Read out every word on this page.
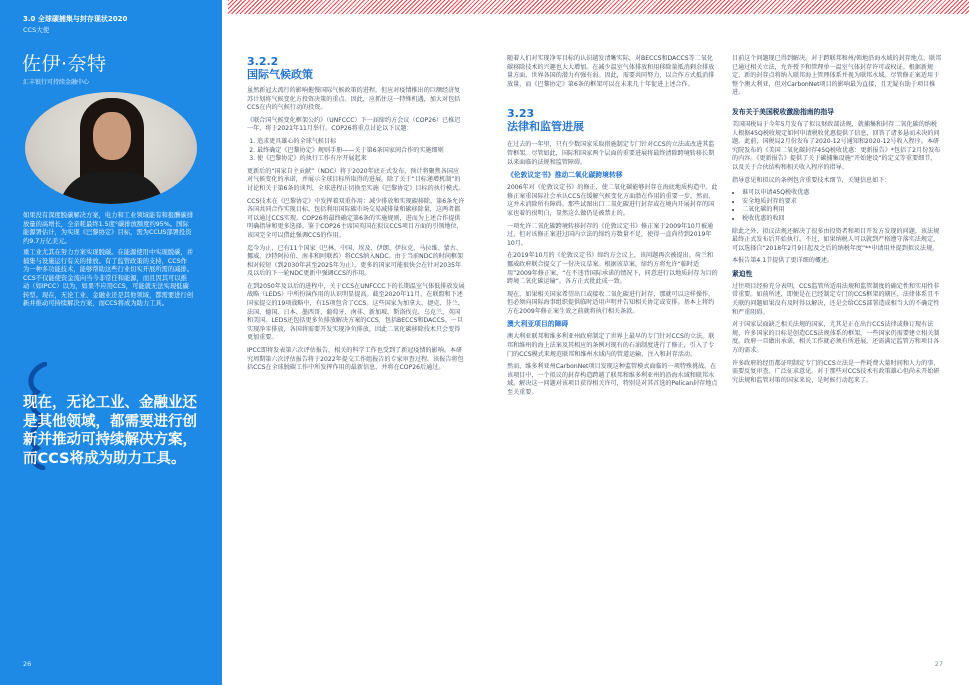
3.0 全球碳捕集与封存现状2020
CCS大使
佐伊·奈特
汇丰银行可持续金融中心

如果没有深度脱碳解决方案，电力和工业领域能有和报酬碳排放量的高增长，全亲耗最终1.5度°碳排放额度约95%。国际能源署估计，为实现《巴黎协定》目标，需为CCUS部署投资约9.7万亿美元。

重工业尤其在努力方案实现脱碳。在能源使用中实现脱碳，并捕集与设施运行有关的排放。有了监管政策的支持，CCS作为一种多功能技术，能够帮助这些行业切实开展所需的减排。CCS不仅能使资金流向当今非常任和能源，而且因其可以推动（如IPCC）以为，如果不应用CCS，可能就无法实现低碳转型。现在，无论工业、金融业还是其他领域，都需要进行创新并推动可持续解决方案，而CCS将成为助力工具。

现在，无论工业、金融业还是其他领域，都需要进行创新并推动可持续解决方案，而CCS将成为助力工具。
26
3.2.2
国际气候政策

虽然新冠大流行的影响拖慢国际气候政策的进程，但应对疫情推出的巨额经济复苏计划将气候变化方投资决策的重点。因此，应抓住这一特殊机遇，加大对包括CCS在内的气候行动的投资。

《联合国气候变化框架公约》（UNFCCC）下一届缔约方会议（COP26）已推迟一年，将于2021年11月举行。COP26将重点讨论以下议题：

1. 追求更具雄心的全球气候目标
2. 最终确定《巴黎协定》规则手册——关于第6条国家间合作的实施细则
3. 使《巴黎协定》的执行工作有序开展起来

更新后的“国家自主贡献”（NDC）将于2020年底正式发布，预计将聚焦各国应对气候变化的承诺，并展示全球目标所取得的进展。除了关于“目标递增机制”的讨论和关于第6条的谈判，全球进程正切换至实施《巴黎协定》目标的执行模式。

CCS技术在《巴黎协定》中发挥着双重作用：减少排放和实现碳移除。第6条允许各国共同合作实现目标，包括利用国际碳市场交易减排量和碳移除量，这两者都可以通过CCS实现。COP26将最终确定第6条的实施规则，进而为上述合作提供明确指导和更多选择。鉴于COP26主席国英国在拟议CCS项目方面的引领地位，该国完全可以借此强调CCS的作用。

迄今为止，已有11个国家（巴林、中国、埃及、伊朗、伊拉克、马拉维、蒙古、挪威、沙特阿拉伯、南非和阿联酋）将CCS纳入NDC。由于当前NDC的时间框架相对较短（到2030年甚至2025年为止），更多的国家可能很快会在针对2035年及以后的下一轮NDC更新中强调CCS的作用。

在到2050年及以后的进程中，关于CCS在UNFCCC下的长期温室气体低排放发展战略（LEDS）中所扮演作用的认识明显提高。截至2020年11月，在联盟和下述国家提交的19项战略中，有15项包含了CCS。这些国家为加拿大、捷克、芬兰、法国、德国、日本、墨西哥、葡萄牙、南非、新加坡、斯洛伐克、乌克兰、英国和美国。LEDS还包括更多负排放解决方案的CCS，包括BECCS和DACCS。一旦实现净零排放，各国将需要开发实现净负排放，因此二氧化碳移除技术只会变得更加重要。

IPCC即将发表第六次评估报告，相关的科学工作也受到了新冠疫情的影响。本研究周期第六次评估报告将于2022年提交工作组报告的专家审查过程。该报告将包括CCS在全球脱碳工作中所发挥作用的最新信息，并将在COP26后通过。

随着人们对实现净零目标的认识越发清晰实际，对BECCS和DACCS等二氧化碳移除技术的兴趣也大大增加。在减少温室气体排放和用移除量抵消剩余排放量方面，世界各国的潜力有强有弱。因此，需要共同努力，以合作方式抵消排放量，而《巴黎协定》第6条的框架可以在未来几十年促进上述合作。

3.23
法律和监管进展

在过去的一年里，只有少数国家采取措施制定专门针对CCS的立法或改进其监管框架。尽管如此，国际和国家两个层面的重要进展将最终清除跨境转移长期以来面临的法规和监管障碍。

《伦敦议定书》推动二氧化碳跨境转移

2006年对《伦敦议定书》的修正，使二氧化碳能够封存在海底地质构造中。此修正案重国际社会承认CCS在缓解气候变化方面潜在作用的重要一步。然而，这并未消除所有障碍。那些试图出口二氧化碳进行封存或在境内开展封存的国家也着的很明白，显然这么做仍是被禁止的。

一项允许二氧化碳跨境转移封存的《伦敦议定书》修正案于2009年10月被通过，但对该修正案进过国内立法的缔约方数量不足，使得一直尚待到2019年10月。

在2019年10月的《伦敦议定书》缔约方会议上，该问题再次被提出。荷兰和挪威政府联合提交了一份决议草案。根据该草案，缔约方将允许“临时适用”2009年修正案，“在不违背国际承诺的情况下，同意进行以地质封存为目的跨境二氧化碳运输”。各方正式批此成一致。

现在，如果相关国家希望出口或接收二氧化碳进行封存，那就可以这样操作，但必须向国际海事组织提供临时适用声明并告知相关协定或安排。基本上将约方在2009年修正案生效之前就将执行相关条款。

澳大利亚项目的障碍

澳大利亚联邦和维多利亚州政府制定了世界上最早的专门针对CCS的立法。联邦和维州的海上法案及其相应的条例对现有的石油制度进行了修正，引入了专门的CCS模式来规范联邦和维州水域内的管道运输、注入和封存活动。

然而，维多利亚州CarbonNet项目发现这种监管模式面临的一项特殊挑战。在该项目中，一个拟议的封存构造跨越了联邦和维多利亚州的沿海水域和联邦水域。解决这一问题对该项目获得相关许可，特别是对其首选的Pelican封存地点至关重要。

目前这个问题现已得到解决。对于跨联邦和州/领地沿海水域的封存地点，联邦已通过相关立法，允许授予和管理单一温室气体封存许可或权证。根据新规定，新的封存点将纳入联邦海上管理体系并视为联邦水域。尽管修正案适用于整个澳大利亚，但对CarbonNet项目的影响最为直接，且无疑有助于项目推进。

发布关于美国税收激励指南的指导

美国国税局于今年5月发布了拟议财政部法规，就捕集和封存二氧化碳的纳税人根据45Q税收规定如何申请税收优惠提供了信息，回答了诸多悬而未决的问题。此前，国税局2月份发布了2020-12号通知和2020-12号收入程序。本研究院发布的《美国二氧化碳封存45Q税收优惠：更新报告》*包括了2月份发布的内容。《更新报告》提供了关于碳捕集设施“开始建设”的定义等重要细节，以及关于合伙结构和相关收入程序的指导。

指导意见和拟议的条例包含重要技术细节，关键信息如下：

• 谁可以申请45Q税收优惠
• 安全地质封存的要求
• 二氧化碳的利用
• 税收优惠的收回

除此之外，拟议法规还解决了很多由投资者和项目开发方发现的问题。该法规最终正式发布后开始执行。不过，如果纳税人可以就到严格遵守落实法规定，可以选择自“2018年2月9日起及之后的纳税年度”**申请用并提到拟议法规。

本报告第4.1节提供了更详细的概述。

紧迫性

过往项目经验充分表明，CCS监管所适用法规和监管制度的确定性和实用性非常重要。如前所述，即便是在已经制定专门的CCS框架的辖区，法律体系且不关联的问题如果没有及时得以解决，还是会给CCS部署造成相当大的不确定性和严重阻碍。

对于国家层面缺乏相关法规的国家，尤其是正在出台CCS法律或修订现有法规，许多国家的目标是创造CCS法规体系的框架，一些国家仍需要建立相关制度。政府一旦做出承诺，相关工作就必须有所进展，还需满足监管方和项目各方的需求。

许多政府的经历都证明制定专门的CCS立法是一件耗费大量时间和人力的事，需要反复审查、广泛征求意见。对于那些对CCS技术有政策雄心但尚未开始研究法规和监管对策的国家来说，是时候行动起来了。

27
